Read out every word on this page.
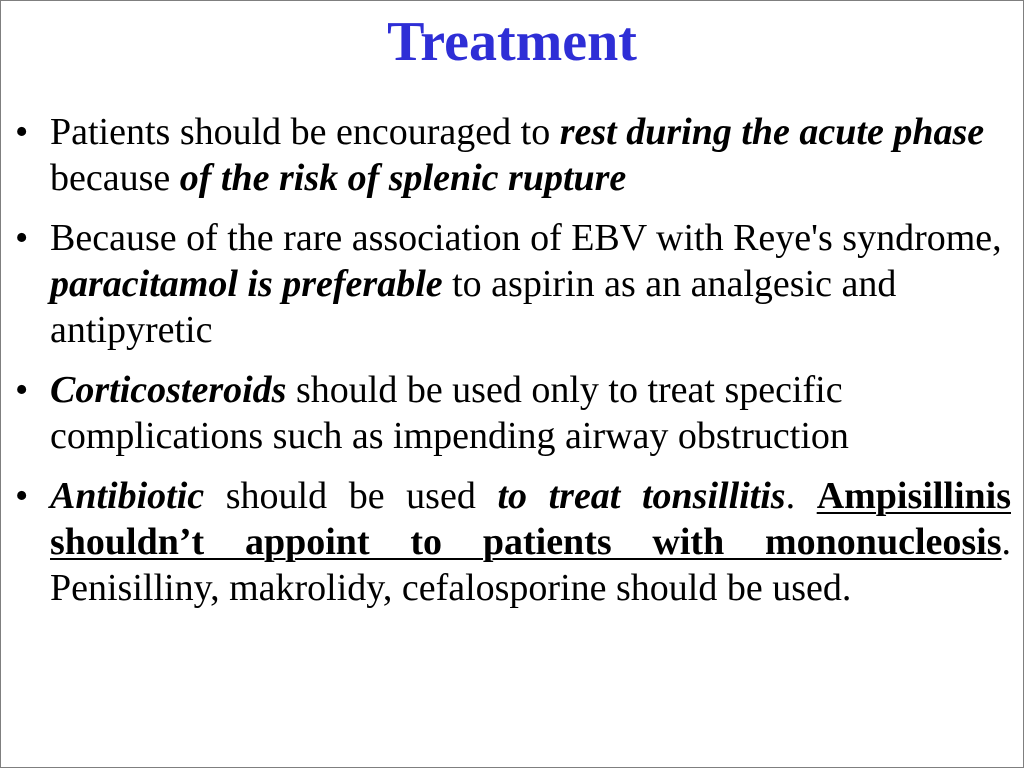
Treatment
• Patients should be encouraged to rest during the acute phase because of the risk of splenic rupture
• Because of the rare association of EBV with Reye's syndrome, paracitamol is preferable to aspirin as an analgesic and antipyretic
• Corticosteroids should be used only to treat specific complications such as impending airway obstruction
• Antibiotic should be used to treat tonsillitis. Ampisillinis shouldn’t appoint to patients with mononucleosis. Penisilliny, makrolidy, cefalosporine should be used.
